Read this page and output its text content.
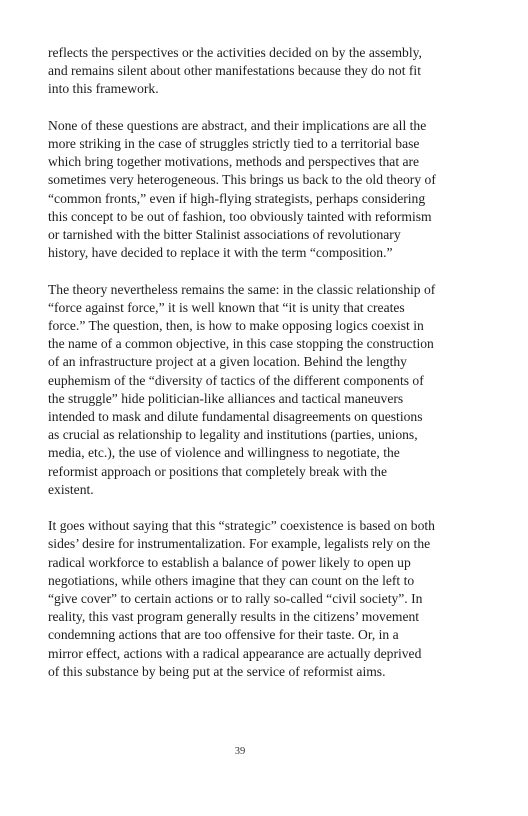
reflects the perspectives or the activities decided on by the assembly, and remains silent about other manifestations because they do not fit into this framework.

None of these questions are abstract, and their implications are all the more striking in the case of struggles strictly tied to a territorial base which bring together motivations, methods and perspectives that are sometimes very heterogeneous. This brings us back to the old theory of “common fronts,” even if high-flying strategists, perhaps considering this concept to be out of fashion, too obviously tainted with reformism or tarnished with the bitter Stalinist associations of revolutionary history, have decided to replace it with the term “composition.”

The theory nevertheless remains the same: in the classic relationship of “force against force,” it is well known that “it is unity that creates force.” The question, then, is how to make opposing logics coexist in the name of a common objective, in this case stopping the construction of an infrastructure project at a given location. Behind the lengthy euphemism of the “diversity of tactics of the different components of the struggle” hide politician-like alliances and tactical maneuvers intended to mask and dilute fundamental disagreements on questions as crucial as relationship to legality and institutions (parties, unions, media, etc.), the use of violence and willingness to negotiate, the reformist approach or positions that completely break with the existent.

It goes without saying that this “strategic” coexistence is based on both sides’ desire for instrumentalization. For example, legalists rely on the radical workforce to establish a balance of power likely to open up negotiations, while others imagine that they can count on the left to “give cover” to certain actions or to rally so-called “civil society”. In reality, this vast program generally results in the citizens’ movement condemning actions that are too offensive for their taste. Or, in a mirror effect, actions with a radical appearance are actually deprived of this substance by being put at the service of reformist aims.

39
